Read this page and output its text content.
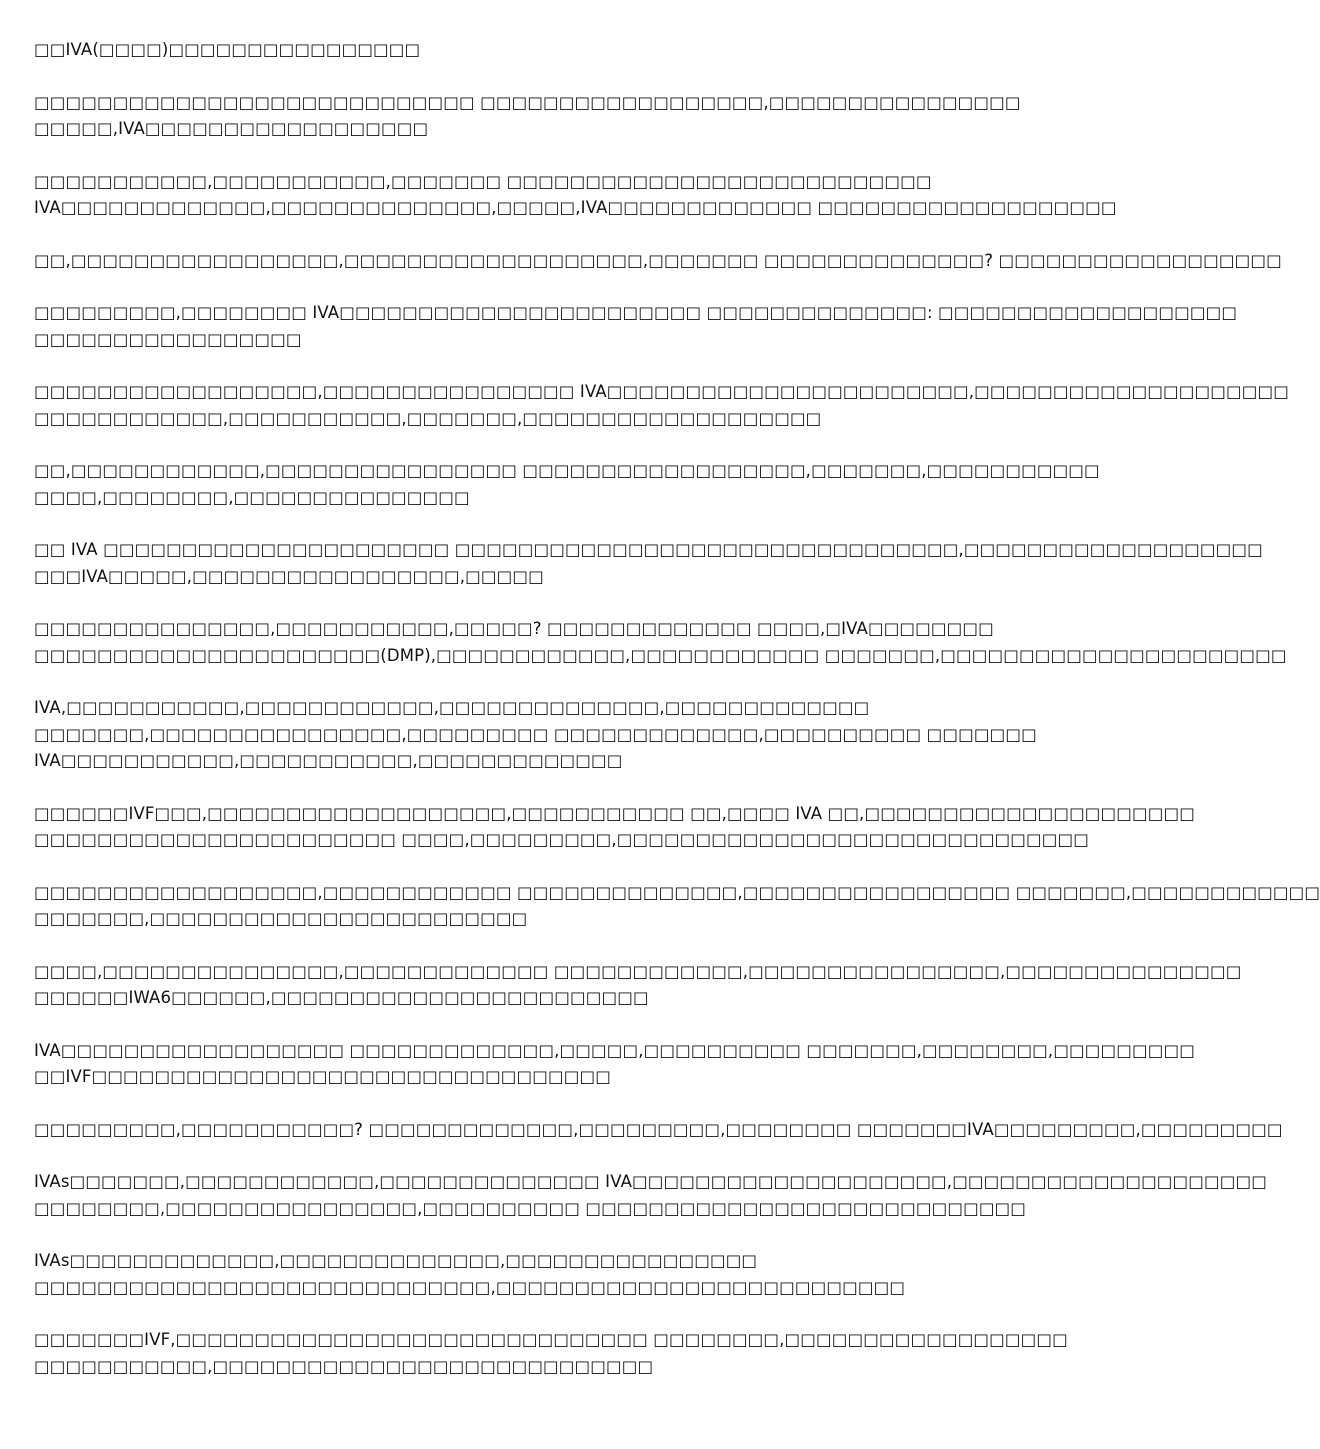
□□IVA(□□□□)□□□□□□□□□□□□□□□□
□□□□□□□□□□□□□□□□□□□□□□□□□□□□ □□□□□□□□□□□□□□□□□□,□□□□□□□□□□□□□□□□
□□□□□,IVA□□□□□□□□□□□□□□□□□□
□□□□□□□□□□□,□□□□□□□□□□□,□□□□□□□ □□□□□□□□□□□□□□□□□□□□□□□□□□□
IVA□□□□□□□□□□□□□,□□□□□□□□□□□□□□,□□□□□,IVA□□□□□□□□□□□□□ □□□□□□□□□□□□□□□□□□□
□□,□□□□□□□□□□□□□□□□□,□□□□□□□□□□□□□□□□□□□,□□□□□□□ □□□□□□□□□□□□□□? □□□□□□□□□□□□□□□□□□
□□□□□□□□□,□□□□□□□□ IVA□□□□□□□□□□□□□□□□□□□□□□□ □□□□□□□□□□□□□□: □□□□□□□□□□□□□□□□□□□
□□□□□□□□□□□□□□□□□
□□□□□□□□□□□□□□□□□□,□□□□□□□□□□□□□□□□ IVA□□□□□□□□□□□□□□□□□□□□□□□,□□□□□□□□□□□□□□□□□□□□
□□□□□□□□□□□□,□□□□□□□□□□□,□□□□□□□,□□□□□□□□□□□□□□□□□□□
□□,□□□□□□□□□□□□,□□□□□□□□□□□□□□□□ □□□□□□□□□□□□□□□□□□,□□□□□□□,□□□□□□□□□□□
□□□□,□□□□□□□□,□□□□□□□□□□□□□□□
□□ IVA □□□□□□□□□□□□□□□□□□□□□□ □□□□□□□□□□□□□□□□□□□□□□□□□□□□□□□□,□□□□□□□□□□□□□□□□□□□
□□□IVA□□□□□,□□□□□□□□□□□□□□□□□,□□□□□
□□□□□□□□□□□□□□□,□□□□□□□□□□□,□□□□□? □□□□□□□□□□□□□ □□□□,□IVA□□□□□□□□
□□□□□□□□□□□□□□□□□□□□□□(DMP),□□□□□□□□□□□□,□□□□□□□□□□□□ □□□□□□□,□□□□□□□□□□□□□□□□□□□□□□
IVA,□□□□□□□□□□□,□□□□□□□□□□□□,□□□□□□□□□□□□□□,□□□□□□□□□□□□□
□□□□□□□,□□□□□□□□□□□□□□□□,□□□□□□□□□ □□□□□□□□□□□□□,□□□□□□□□□□ □□□□□□□
IVA□□□□□□□□□□□,□□□□□□□□□□□,□□□□□□□□□□□□□
□□□□□□IVF□□□,□□□□□□□□□□□□□□□□□□□,□□□□□□□□□□□ □□,□□□□ IVA □□,□□□□□□□□□□□□□□□□□□□□□
□□□□□□□□□□□□□□□□□□□□□□□ □□□□,□□□□□□□□□,□□□□□□□□□□□□□□□□□□□□□□□□□□□□□□
□□□□□□□□□□□□□□□□□□,□□□□□□□□□□□□ □□□□□□□□□□□□□□,□□□□□□□□□□□□□□□□□ □□□□□□□,□□□□□□□□□□□□
□□□□□□□,□□□□□□□□□□□□□□□□□□□□□□□□
□□□□,□□□□□□□□□□□□□□□,□□□□□□□□□□□□□ □□□□□□□□□□□□,□□□□□□□□□□□□□□□□,□□□□□□□□□□□□□□□
□□□□□□IWA6□□□□□□,□□□□□□□□□□□□□□□□□□□□□□□□
IVA□□□□□□□□□□□□□□□□□□ □□□□□□□□□□□□□,□□□□□,□□□□□□□□□□ □□□□□□□,□□□□□□□□,□□□□□□□□□
□□IVF□□□□□□□□□□□□□□□□□□□□□□□□□□□□□□□□□
□□□□□□□□□,□□□□□□□□□□□? □□□□□□□□□□□□□,□□□□□□□□□,□□□□□□□□ □□□□□□□IVA□□□□□□□□□,□□□□□□□□□
IVAs□□□□□□□,□□□□□□□□□□□□,□□□□□□□□□□□□□□ IVA□□□□□□□□□□□□□□□□□□□□,□□□□□□□□□□□□□□□□□□□□
□□□□□□□□,□□□□□□□□□□□□□□□□,□□□□□□□□□□ □□□□□□□□□□□□□□□□□□□□□□□□□□□□
IVAs□□□□□□□□□□□□□,□□□□□□□□□□□□□□,□□□□□□□□□□□□□□□□
□□□□□□□□□□□□□□□□□□□□□□□□□□□□□,□□□□□□□□□□□□□□□□□□□□□□□□□□
□□□□□□□IVF,□□□□□□□□□□□□□□□□□□□□□□□□□□□□□□ □□□□□□□□,□□□□□□□□□□□□□□□□□□
□□□□□□□□□□□,□□□□□□□□□□□□□□□□□□□□□□□□□□□□
